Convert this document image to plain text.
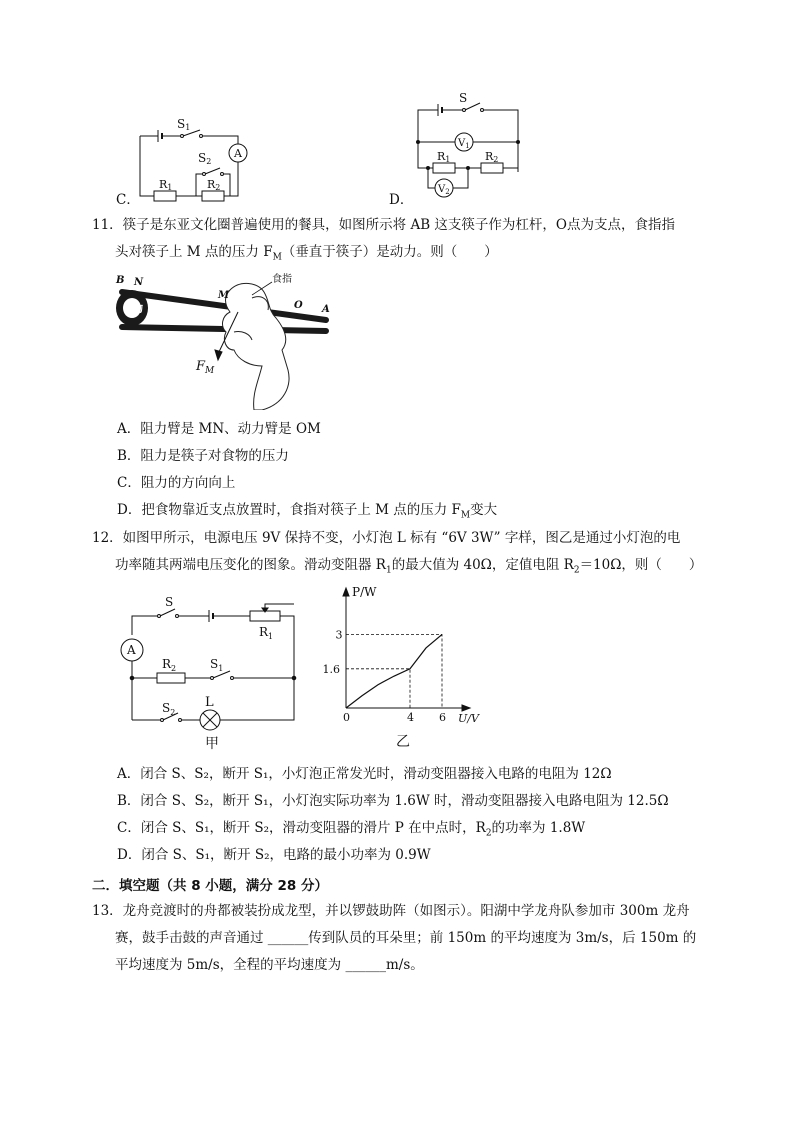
C．
S1
S2
A
R1	R2
D．
S
$V_1$
R1	R2
$V_2$
11．筷子是东亚文化圈普遍使用的餐具，如图所示将 AB 这支筷子作为杠杆，O点为支点，食指指
头对筷子上 M 点的压力 $F_M$（垂直于筷子）是动力。则（　　）
B N
食物
M
食指
O A
$F_M$
A．阻力臂是 MN、动力臂是 OM
B．阻力是筷子对食物的压力
C．阻力的方向向上
D．把食物靠近支点放置时，食指对筷子上 M 点的压力 $F_M$变大
12．如图甲所示，电源电压 9V 保持不变，小灯泡 L 标有 “6V 3W” 字样，图乙是通过小灯泡的电
功率随其两端电压变化的图象。滑动变阻器 $R_1$的最大值为 40Ω，定值电阻 $R_2=10\Omega$，则（　　）
S
$R_1$
A
$R_2$	$S_1$
$S_2$
L
甲
0	4 6
1.6
3
P/W
U/V
乙
A．闭合 S、S₂，断开 S₁，小灯泡正常发光时，滑动变阻器接入电路的电阻为 12Ω
B．闭合 S、S₂，断开 S₁，小灯泡实际功率为 1.6W 时，滑动变阻器接入电路电阻为 12.5Ω
C．闭合 S、S₁，断开 S₂，滑动变阻器的滑片 P 在中点时，$R_2$的功率为 1.8W
D．闭合 S、S₁，断开 S₂，电路的最小功率为 0.9W
二．填空题（共 8 小题，满分 28 分）
13．龙舟竞渡时的舟都被装扮成龙型，并以锣鼓助阵（如图示）。阳湖中学龙舟队参加市 300m 龙舟
赛，鼓手击鼓的声音通过 ______传到队员的耳朵里；前 150m 的平均速度为 3m/s，后 150m 的
平均速度为 5m/s，全程的平均速度为 ______m/s。
